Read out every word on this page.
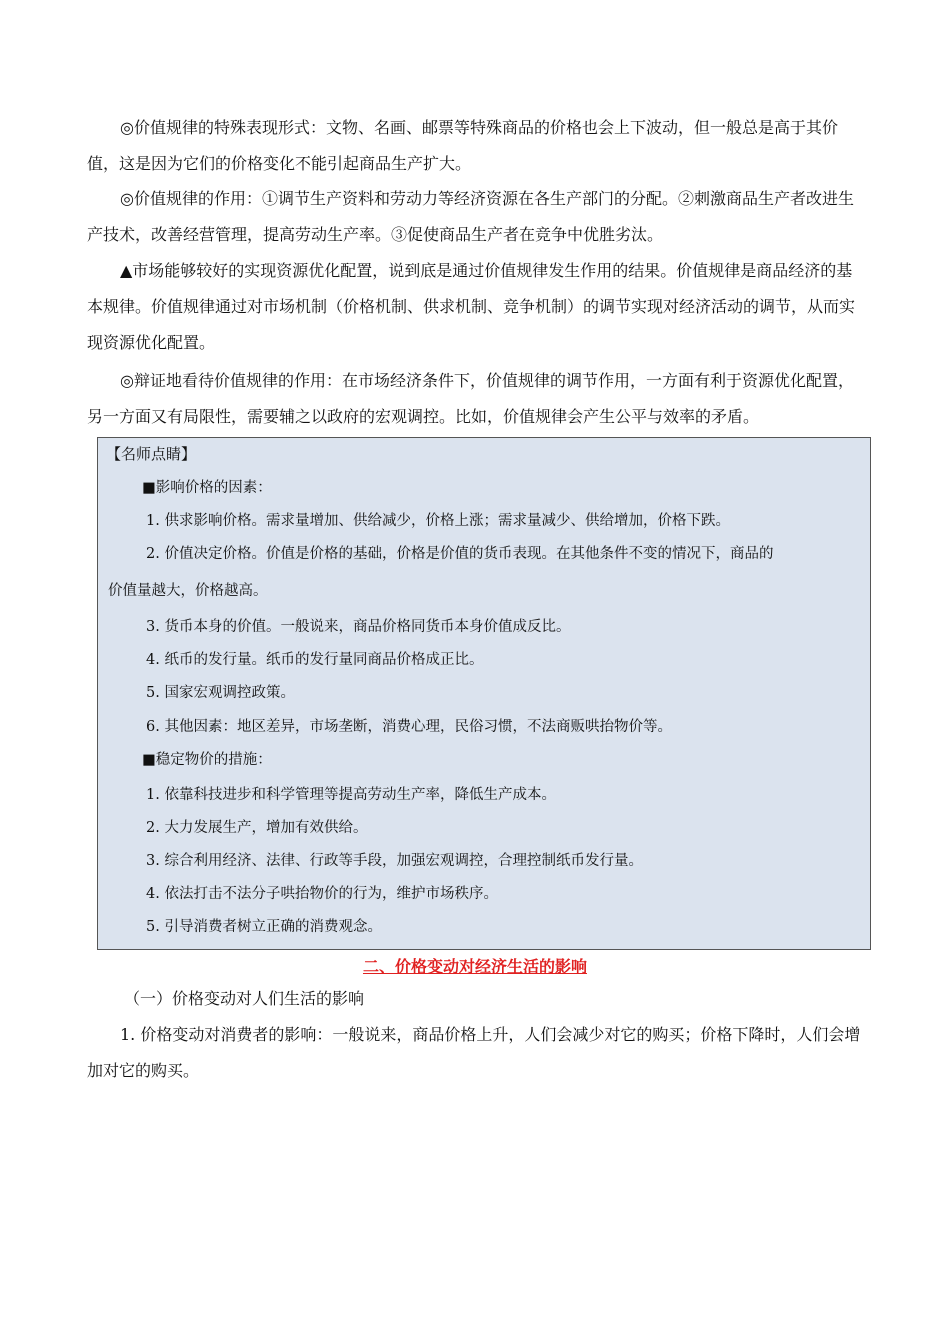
◎价值规律的特殊表现形式：文物、名画、邮票等特殊商品的价格也会上下波动，但一般总是高于其价值，这是因为它们的价格变化不能引起商品生产扩大。

◎价值规律的作用：①调节生产资料和劳动力等经济资源在各生产部门的分配。②刺激商品生产者改进生产技术，改善经营管理，提高劳动生产率。③促使商品生产者在竞争中优胜劣汰。

▲市场能够较好的实现资源优化配置，说到底是通过价值规律发生作用的结果。价值规律是商品经济的基本规律。价值规律通过对市场机制（价格机制、供求机制、竞争机制）的调节实现对经济活动的调节，从而实现资源优化配置。

◎辩证地看待价值规律的作用：在市场经济条件下，价值规律的调节作用，一方面有利于资源优化配置，另一方面又有局限性，需要辅之以政府的宏观调控。比如，价值规律会产生公平与效率的矛盾。

【名师点睛】

■影响价格的因素：

1. 供求影响价格。需求量增加、供给减少，价格上涨；需求量减少、供给增加，价格下跌。

2. 价值决定价格。价值是价格的基础，价格是价值的货币表现。在其他条件不变的情况下，商品的

价值量越大，价格越高。

3. 货币本身的价值。一般说来，商品价格同货币本身价值成反比。

4. 纸币的发行量。纸币的发行量同商品价格成正比。

5. 国家宏观调控政策。

6. 其他因素：地区差异，市场垄断，消费心理，民俗习惯，不法商贩哄抬物价等。

■稳定物价的措施：

1. 依靠科技进步和科学管理等提高劳动生产率，降低生产成本。

2. 大力发展生产，增加有效供给。

3. 综合利用经济、法律、行政等手段，加强宏观调控，合理控制纸币发行量。

4. 依法打击不法分子哄抬物价的行为，维护市场秩序。

5. 引导消费者树立正确的消费观念。

二、价格变动对经济生活的影响

（一）价格变动对人们生活的影响

1. 价格变动对消费者的影响：一般说来，商品价格上升，人们会减少对它的购买；价格下降时，人们会增加对它的购买。
